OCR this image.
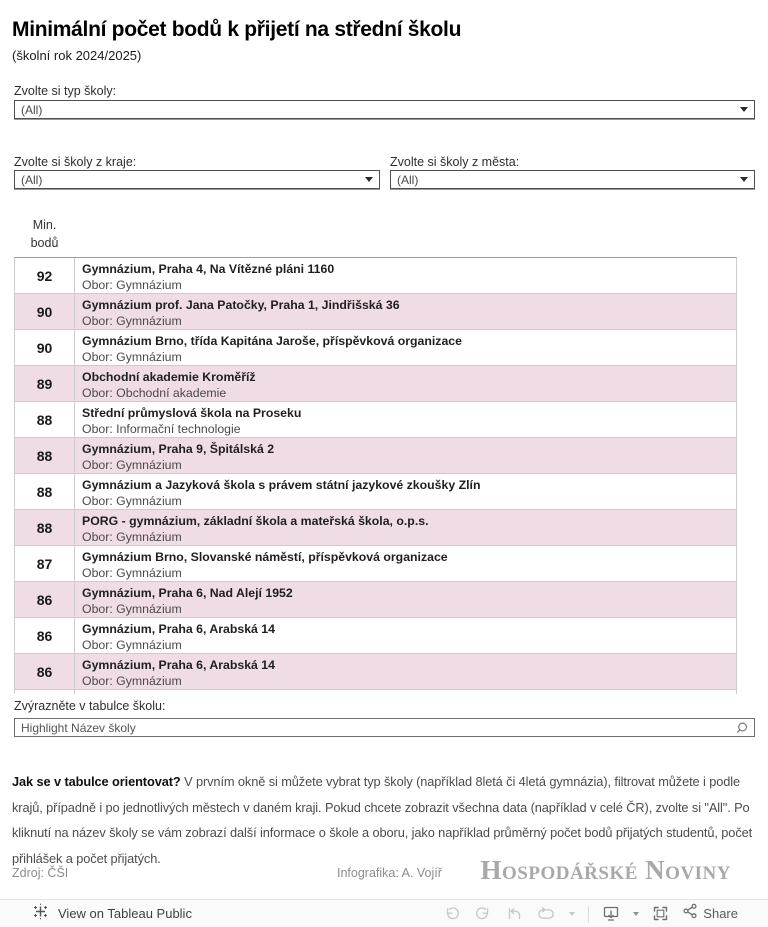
Minimální počet bodů k přijetí na střední školu
(školní rok 2024/2025)
Zvolte si typ školy:
(All)
Zvolte si školy z kraje:
(All)
Zvolte si školy z města:
(All)
Min.
bodů
92	Gymnázium, Praha 4, Na Vítězné pláni 1160
Obor: Gymnázium
90	Gymnázium prof. Jana Patočky, Praha 1, Jindřišská 36
Obor: Gymnázium
90	Gymnázium Brno, třída Kapitána Jaroše, příspěvková organizace
Obor: Gymnázium
89	Obchodní akademie Kroměříž
Obor: Obchodní akademie
88	Střední průmyslová škola na Proseku
Obor: Informační technologie
88	Gymnázium, Praha 9, Špitálská 2
Obor: Gymnázium
88	Gymnázium a Jazyková škola s právem státní jazykové zkoušky Zlín
Obor: Gymnázium
88	PORG - gymnázium, základní škola a mateřská škola, o.p.s.
Obor: Gymnázium
87	Gymnázium Brno, Slovanské náměstí, příspěvková organizace
Obor: Gymnázium
86	Gymnázium, Praha 6, Nad Alejí 1952
Obor: Gymnázium
86	Gymnázium, Praha 6, Arabská 14
Obor: Gymnázium
86	Gymnázium, Praha 6, Arabská 14
Obor: Gymnázium
Zvýrazněte v tabulce školu:
Highlight Název školy
Jak se v tabulce orientovat? V prvním okně si můžete vybrat typ školy (například 8letá či 4letá gymnázia), filtrovat můžete i podle krajů, případně i po jednotlivých městech v daném kraji. Pokud chcete zobrazit všechna data (například v celé ČR), zvolte si "All". Po kliknutí na název školy se vám zobrazí další informace o škole a oboru, jako například průměrný počet bodů přijatých studentů, počet přihlášek a počet přijatých.
Zdroj: ČŠI	Infografika: A. Vojíř Hospodářské Noviny
View on Tableau Public	Share
